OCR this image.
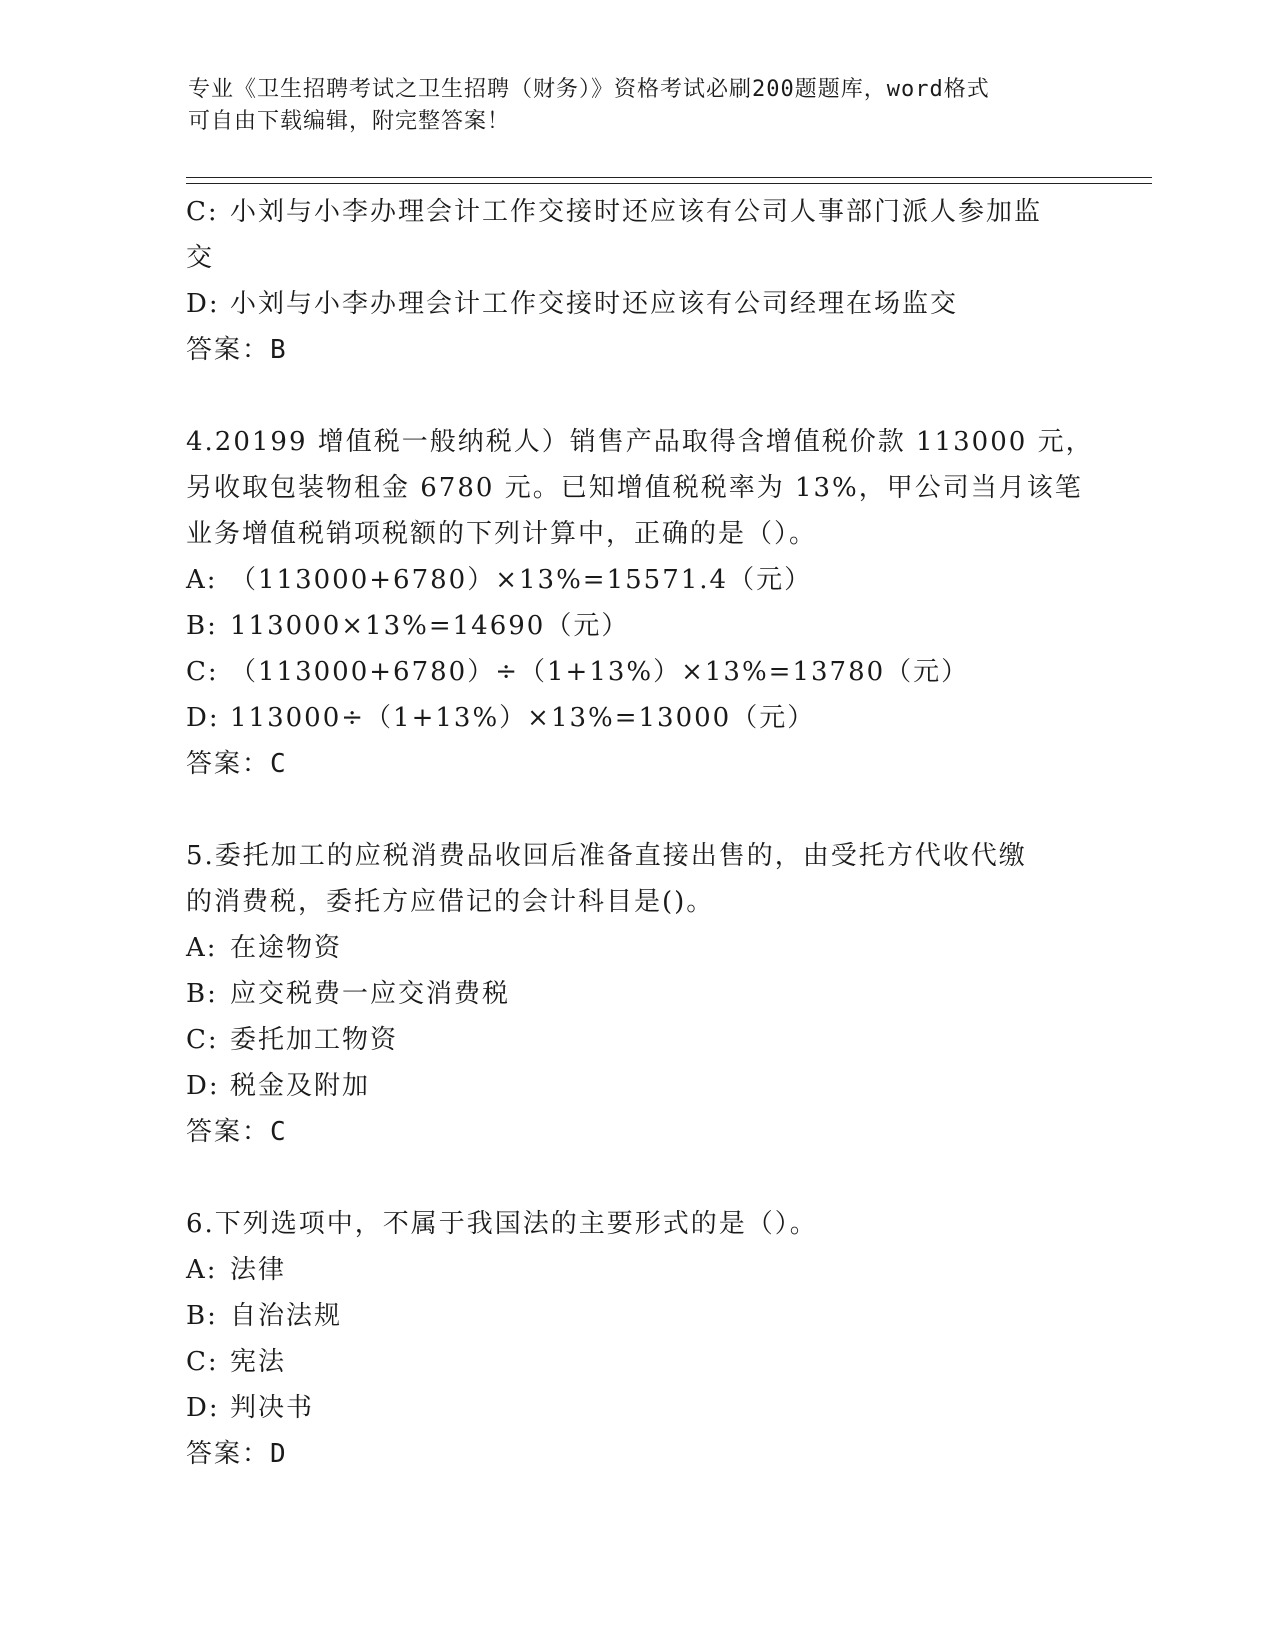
专业《卫生招聘考试之卫生招聘（财务）》资格考试必刷200题题库，word格式
可自由下载编辑，附完整答案！
C: 小刘与小李办理会计工作交接时还应该有公司人事部门派人参加监
交
D: 小刘与小李办理会计工作交接时还应该有公司经理在场监交
答案：B
4.20199 增值税一般纳税人）销售产品取得含增值税价款 113000 元，
另收取包装物租金 6780 元。已知增值税税率为 13%，甲公司当月该笔
业务增值税销项税额的下列计算中，正确的是（）。
A: （113000+6780）×13%=15571.4（元）
B: 113000×13%=14690（元）
C: （113000+6780）÷（1+13%）×13%=13780（元）
D: 113000÷（1+13%）×13%=13000（元）
答案：C
5.委托加工的应税消费品收回后准备直接出售的，由受托方代收代缴
的消费税，委托方应借记的会计科目是()。
A: 在途物资
B: 应交税费一应交消费税
C: 委托加工物资
D: 税金及附加
答案：C
6.下列选项中，不属于我国法的主要形式的是（）。
A: 法律
B: 自治法规
C: 宪法
D: 判决书
答案：D
